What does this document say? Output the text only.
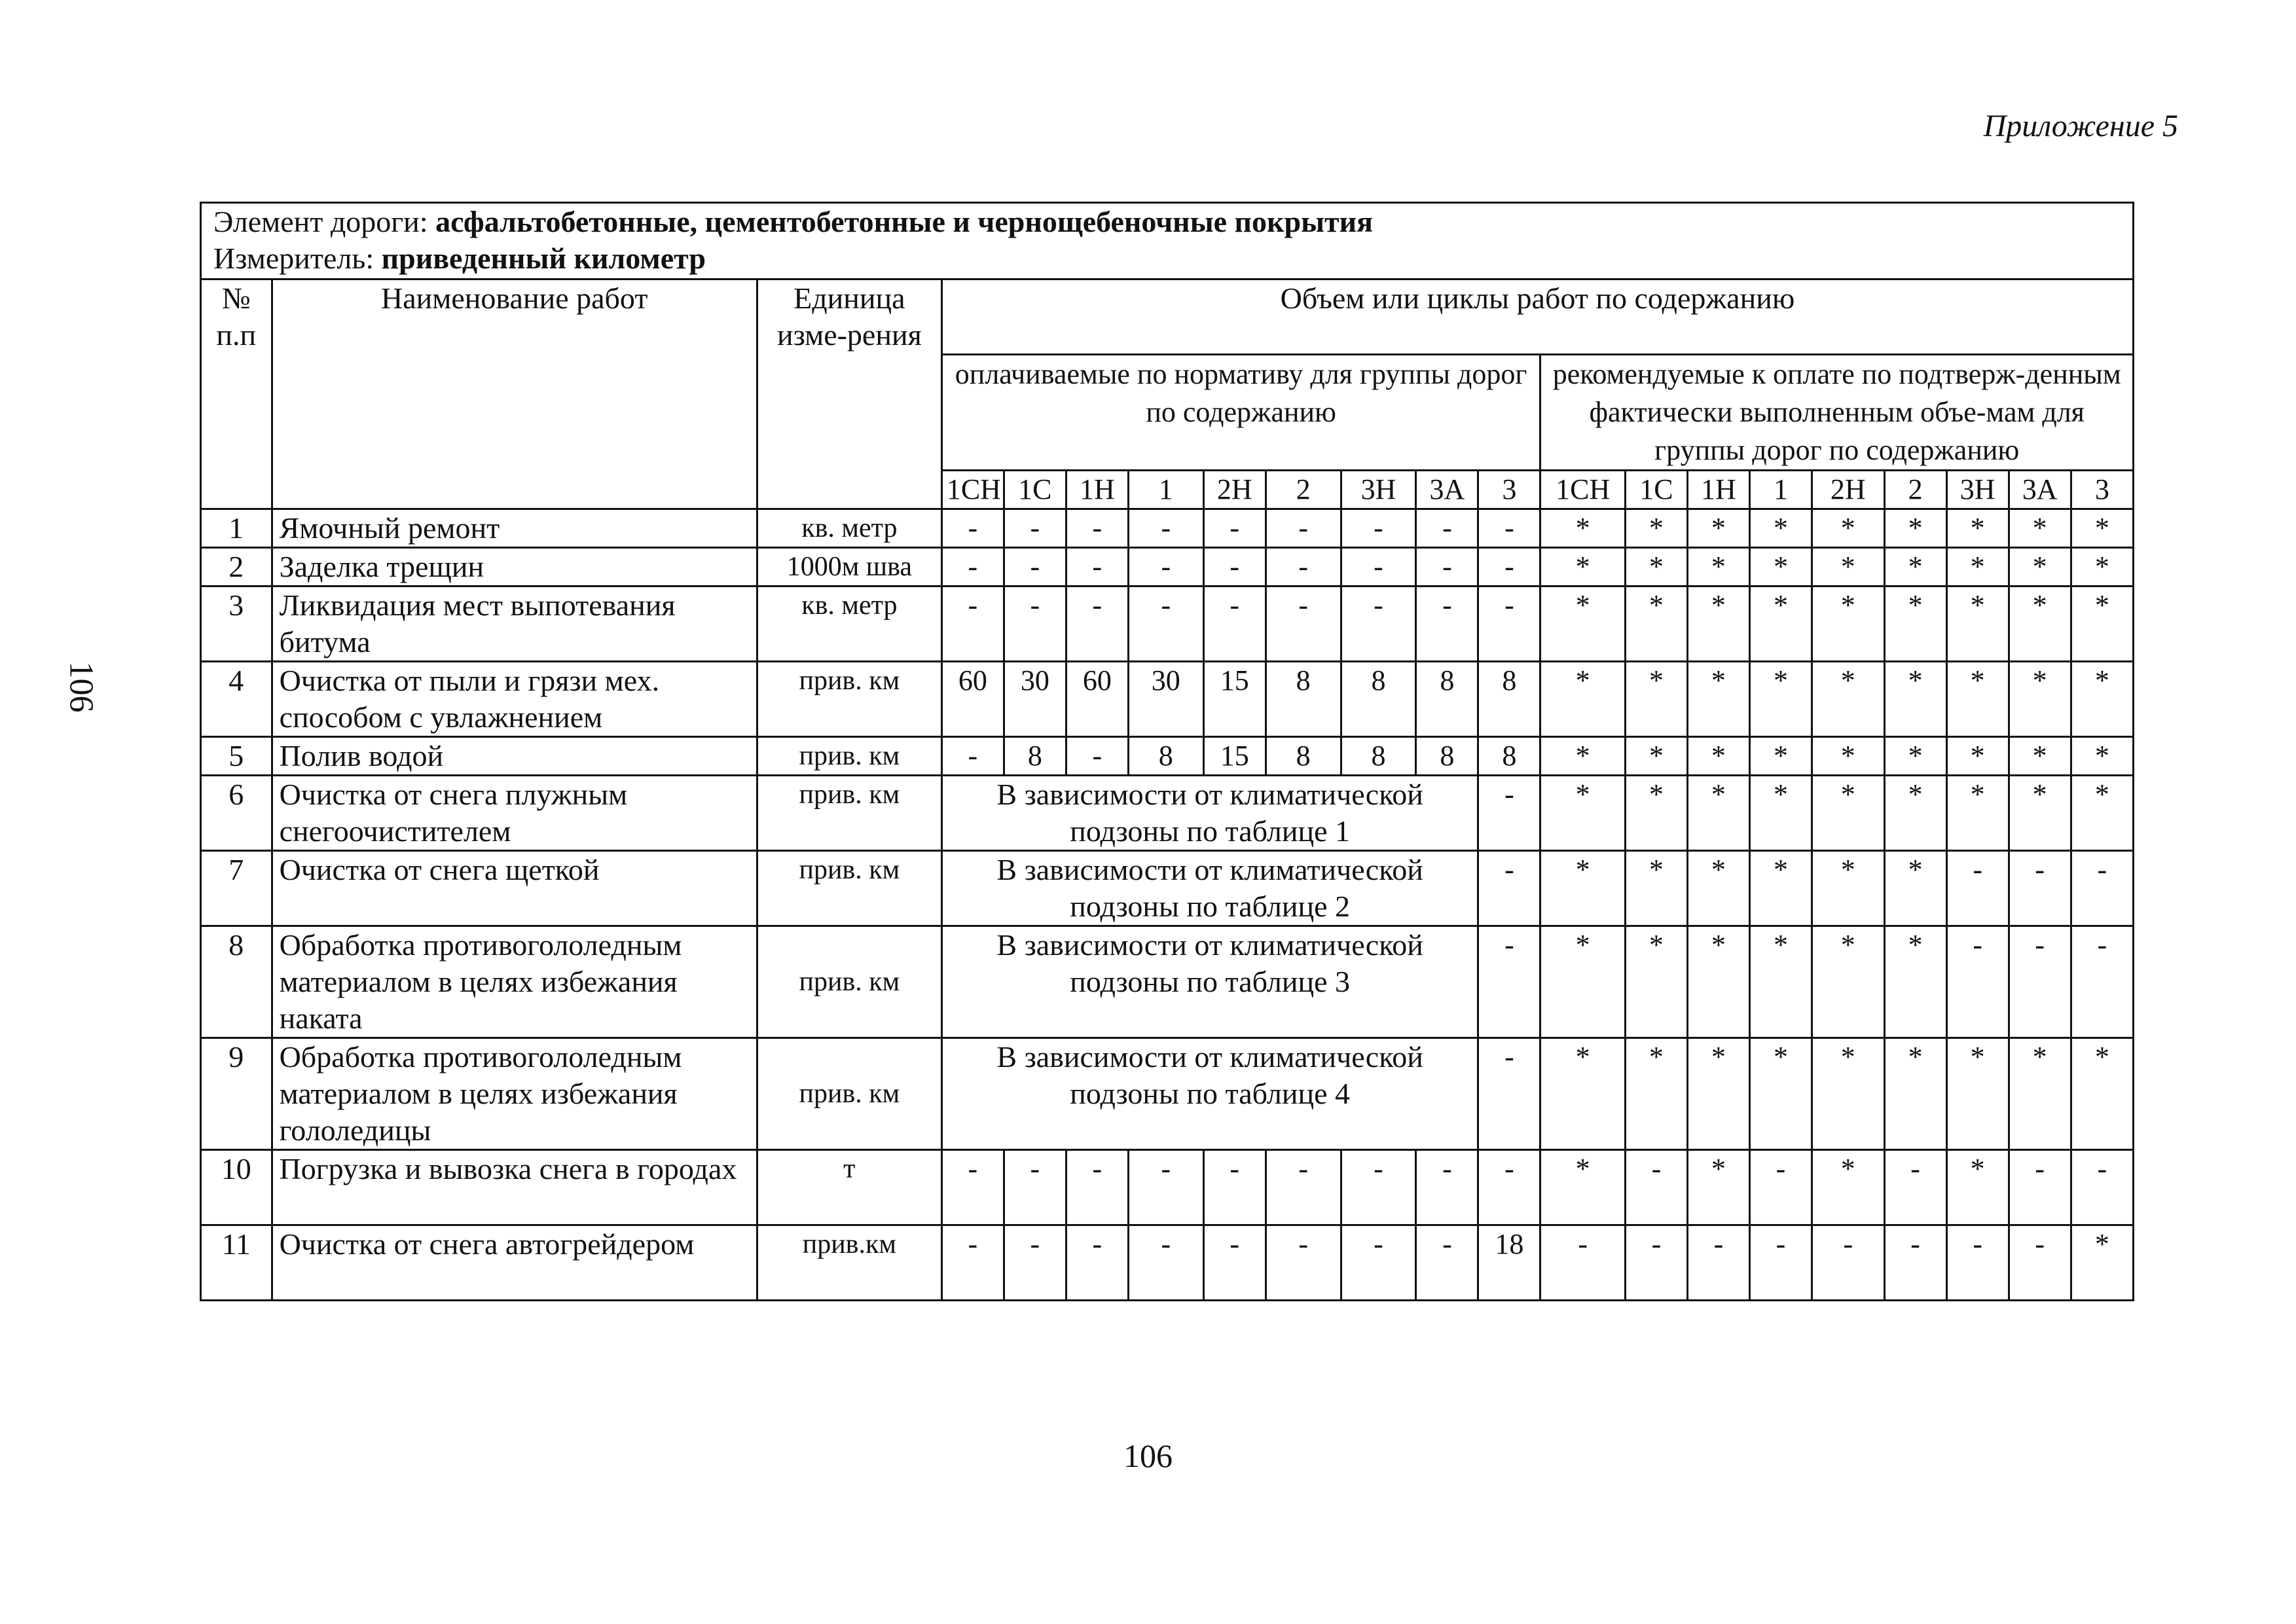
Приложение 5
106
Элемент дороги: асфальтобетонные, цементобетонные и чернощебеночные покрытия
Измеритель: приведенный километр																				
№ п.п	Наименование работ	Единица изме-рения	Объем или циклы работ по содержанию																	
			оплачиваемые по нормативу для группы дорог по содержанию									рекомендуемые к оплате по подтверж-денным фактически выполненным объе-мам для группы дорог по содержанию								
			1СН	1С	1Н	1	2Н	2	3Н	3А	3	1СН	1С	1Н	1	2Н	2	3Н	3А	3
1	Ямочный ремонт	кв. метр	-	-	-	-	-	-	-	-	-	*	*	*	*	*	*	*	*	*
2	Заделка трещин	1000м шва	-	-	-	-	-	-	-	-	-	*	*	*	*	*	*	*	*	*
3	Ликвидация мест выпотевания битума	кв. метр	-	-	-	-	-	-	-	-	-	*	*	*	*	*	*	*	*	*
4	Очистка от пыли и грязи мех. способом с увлажнением	прив. км	60	30	60	30	15	8	8	8	8	*	*	*	*	*	*	*	*	*
5	Полив водой	прив. км	-	8	-	8	15	8	8	8	8	*	*	*	*	*	*	*	*	*
6	Очистка от снега плужным снегоочистителем	прив. км	В зависимости от климатической подзоны по таблице 1								-	*	*	*	*	*	*	*	*	*
7	Очистка от снега щеткой	прив. км	В зависимости от климатической подзоны по таблице 2								-	*	*	*	*	*	*	-	-	-
8	Обработка противогололедным материалом в целях избежания наката	прив. км	В зависимости от климатической подзоны по таблице 3								-	*	*	*	*	*	*	-	-	-
9	Обработка противогололедным материалом в целях избежания гололедицы	прив. км	В зависимости от климатической подзоны по таблице 4								-	*	*	*	*	*	*	*	*	*
10	Погрузка и вывозка снега в городах	т	-	-	-	-	-	-	-	-	-	*	-	*	-	*	-	*	-	-
11	Очистка от снега автогрейдером	прив.км	-	-	-	-	-	-	-	-	18	-	-	-	-	-	-	-	-	*
106
